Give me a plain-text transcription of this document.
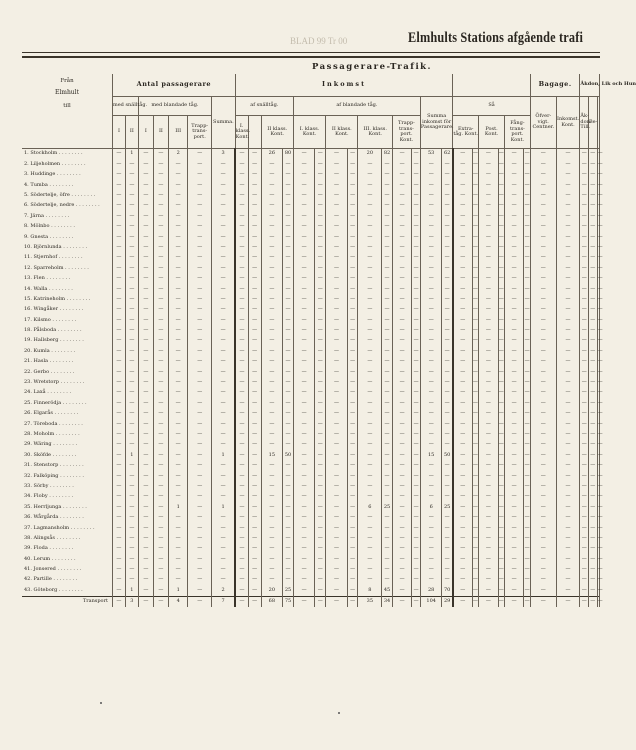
Elmhults Stations afgående trafi
BLAD 99 Tr 00
Passagerare-Trafik.
Från
Elmhult
till	Antal passagerare							Inkomst																				Bagage.		Åkdon, Lik och Hun		
	med snälltåg.		med blandade tåg.				Summa.	af snälltåg.				af blandade tåg.								Summa inkomst för Passagerare.		Så						Öfver-vigt. Centner.	Inkomst. Kont.	Åk-don. Till.	Be-	
	I	II	I	II	III	Trapp-trans-port.		I. klass. Kont.		II klass. Kont.		I. klass. Kont.		II klass. Kont.		III. klass. Kont.		Trapp-trans-port. Kont.				Extra-tåg. Kont.		Post. Kont.		Fång-trans-port. Kont.						
1. Stockholm . . . . . . . .	—	1	—	—	2	—	3	—	—	26	80	—	—	—	—	20	82	—	—	53	62	—	—	—	—	—	—	—	—	—	—	—
2. Liljeholmen . . . . . . . .	—	—	—	—	—	—	—	—	—	—	—	—	—	—	—	—	—	—	—	—	—	—	—	—	—	—	—	—	—	—	—	—
3. Huddinge . . . . . . . .	—	—	—	—	—	—	—	—	—	—	—	—	—	—	—	—	—	—	—	—	—	—	—	—	—	—	—	—	—	—	—	—
4. Tumba . . . . . . . .	—	—	—	—	—	—	—	—	—	—	—	—	—	—	—	—	—	—	—	—	—	—	—	—	—	—	—	—	—	—	—	—
5. Södertelje, öfre . . . . . . . .	—	—	—	—	—	—	—	—	—	—	—	—	—	—	—	—	—	—	—	—	—	—	—	—	—	—	—	—	—	—	—	—
6. Södertelje, nedre . . . . . . . .	—	—	—	—	—	—	—	—	—	—	—	—	—	—	—	—	—	—	—	—	—	—	—	—	—	—	—	—	—	—	—	—
7. Järna . . . . . . . .	—	—	—	—	—	—	—	—	—	—	—	—	—	—	—	—	—	—	—	—	—	—	—	—	—	—	—	—	—	—	—	—
8. Mölnbo . . . . . . . .	—	—	—	—	—	—	—	—	—	—	—	—	—	—	—	—	—	—	—	—	—	—	—	—	—	—	—	—	—	—	—	—
9. Gnesta . . . . . . . .	—	—	—	—	—	—	—	—	—	—	—	—	—	—	—	—	—	—	—	—	—	—	—	—	—	—	—	—	—	—	—	—
10. Björnlunda . . . . . . . .	—	—	—	—	—	—	—	—	—	—	—	—	—	—	—	—	—	—	—	—	—	—	—	—	—	—	—	—	—	—	—	—
11. Stjernhof . . . . . . . .	—	—	—	—	—	—	—	—	—	—	—	—	—	—	—	—	—	—	—	—	—	—	—	—	—	—	—	—	—	—	—	—
12. Sparreholm . . . . . . . .	—	—	—	—	—	—	—	—	—	—	—	—	—	—	—	—	—	—	—	—	—	—	—	—	—	—	—	—	—	—	—	—
13. Flen . . . . . . . .	—	—	—	—	—	—	—	—	—	—	—	—	—	—	—	—	—	—	—	—	—	—	—	—	—	—	—	—	—	—	—	—
14. Walla . . . . . . . .	—	—	—	—	—	—	—	—	—	—	—	—	—	—	—	—	—	—	—	—	—	—	—	—	—	—	—	—	—	—	—	—
15. Katrineholm . . . . . . . .	—	—	—	—	—	—	—	—	—	—	—	—	—	—	—	—	—	—	—	—	—	—	—	—	—	—	—	—	—	—	—	—
16. Wingåker . . . . . . . .	—	—	—	—	—	—	—	—	—	—	—	—	—	—	—	—	—	—	—	—	—	—	—	—	—	—	—	—	—	—	—	—
17. Kilsmo . . . . . . . .	—	—	—	—	—	—	—	—	—	—	—	—	—	—	—	—	—	—	—	—	—	—	—	—	—	—	—	—	—	—	—	—
18. Pålsboda . . . . . . . .	—	—	—	—	—	—	—	—	—	—	—	—	—	—	—	—	—	—	—	—	—	—	—	—	—	—	—	—	—	—	—	—
19. Hallsberg . . . . . . . .	—	—	—	—	—	—	—	—	—	—	—	—	—	—	—	—	—	—	—	—	—	—	—	—	—	—	—	—	—	—	—	—
20. Kumla . . . . . . . .	—	—	—	—	—	—	—	—	—	—	—	—	—	—	—	—	—	—	—	—	—	—	—	—	—	—	—	—	—	—	—	—
21. Hasla . . . . . . . .	—	—	—	—	—	—	—	—	—	—	—	—	—	—	—	—	—	—	—	—	—	—	—	—	—	—	—	—	—	—	—	—
22. Gerbo . . . . . . . .	—	—	—	—	—	—	—	—	—	—	—	—	—	—	—	—	—	—	—	—	—	—	—	—	—	—	—	—	—	—	—	—
23. Wretstorp . . . . . . . .	—	—	—	—	—	—	—	—	—	—	—	—	—	—	—	—	—	—	—	—	—	—	—	—	—	—	—	—	—	—	—	—
24. Laxå . . . . . . . .	—	—	—	—	—	—	—	—	—	—	—	—	—	—	—	—	—	—	—	—	—	—	—	—	—	—	—	—	—	—	—	—
25. Finnerödja . . . . . . . .	—	—	—	—	—	—	—	—	—	—	—	—	—	—	—	—	—	—	—	—	—	—	—	—	—	—	—	—	—	—	—	—
26. Elgarås . . . . . . . .	—	—	—	—	—	—	—	—	—	—	—	—	—	—	—	—	—	—	—	—	—	—	—	—	—	—	—	—	—	—	—	—
27. Töreboda . . . . . . . .	—	—	—	—	—	—	—	—	—	—	—	—	—	—	—	—	—	—	—	—	—	—	—	—	—	—	—	—	—	—	—	—
28. Moholm . . . . . . . .	—	—	—	—	—	—	—	—	—	—	—	—	—	—	—	—	—	—	—	—	—	—	—	—	—	—	—	—	—	—	—	—
29. Wäring . . . . . . . .	—	—	—	—	—	—	—	—	—	—	—	—	—	—	—	—	—	—	—	—	—	—	—	—	—	—	—	—	—	—	—	—
30. Sköfde . . . . . . . .	—	1	—	—	—	—	1	—	—	15	50	—	—	—	—	—	—	—	—	15	50	—	—	—	—	—	—	—	—	—	—	—
31. Stenstorp . . . . . . . .	—	—	—	—	—	—	—	—	—	—	—	—	—	—	—	—	—	—	—	—	—	—	—	—	—	—	—	—	—	—	—	—
32. Falköping . . . . . . . .	—	—	—	—	—	—	—	—	—	—	—	—	—	—	—	—	—	—	—	—	—	—	—	—	—	—	—	—	—	—	—	—
33. Sörby . . . . . . . .	—	—	—	—	—	—	—	—	—	—	—	—	—	—	—	—	—	—	—	—	—	—	—	—	—	—	—	—	—	—	—	—
34. Floby . . . . . . . .	—	—	—	—	—	—	—	—	—	—	—	—	—	—	—	—	—	—	—	—	—	—	—	—	—	—	—	—	—	—	—	—
35. Herrljunga . . . . . . . .	—	—	—	—	1	—	1	—	—	—	—	—	—	—	—	6	25	—	—	6	25	—	—	—	—	—	—	—	—	—	—	—
36. Wårgårda . . . . . . . .	—	—	—	—	—	—	—	—	—	—	—	—	—	—	—	—	—	—	—	—	—	—	—	—	—	—	—	—	—	—	—	—
37. Lagmansholm . . . . . . . .	—	—	—	—	—	—	—	—	—	—	—	—	—	—	—	—	—	—	—	—	—	—	—	—	—	—	—	—	—	—	—	—
38. Alingsås . . . . . . . .	—	—	—	—	—	—	—	—	—	—	—	—	—	—	—	—	—	—	—	—	—	—	—	—	—	—	—	—	—	—	—	—
39. Floda . . . . . . . .	—	—	—	—	—	—	—	—	—	—	—	—	—	—	—	—	—	—	—	—	—	—	—	—	—	—	—	—	—	—	—	—
40. Lerum . . . . . . . .	—	—	—	—	—	—	—	—	—	—	—	—	—	—	—	—	—	—	—	—	—	—	—	—	—	—	—	—	—	—	—	—
41. Jonsered . . . . . . . .	—	—	—	—	—	—	—	—	—	—	—	—	—	—	—	—	—	—	—	—	—	—	—	—	—	—	—	—	—	—	—	—
42. Partille . . . . . . . .	—	—	—	—	—	—	—	—	—	—	—	—	—	—	—	—	—	—	—	—	—	—	—	—	—	—	—	—	—	—	—	—
43. Göteborg . . . . . . . .	—	1	—	—	1	—	2	—	—	20	25	—	—	—	—	8	45	—	—	28	70	—	—	—	—	—	—	—	—	—	—	—
Transport	—	3	—	—	4	—	7	—	—	68	75	—	—	—	—	35	34	—	—	104	29	—	—	—	—	—	—	—	—	—	—	—
